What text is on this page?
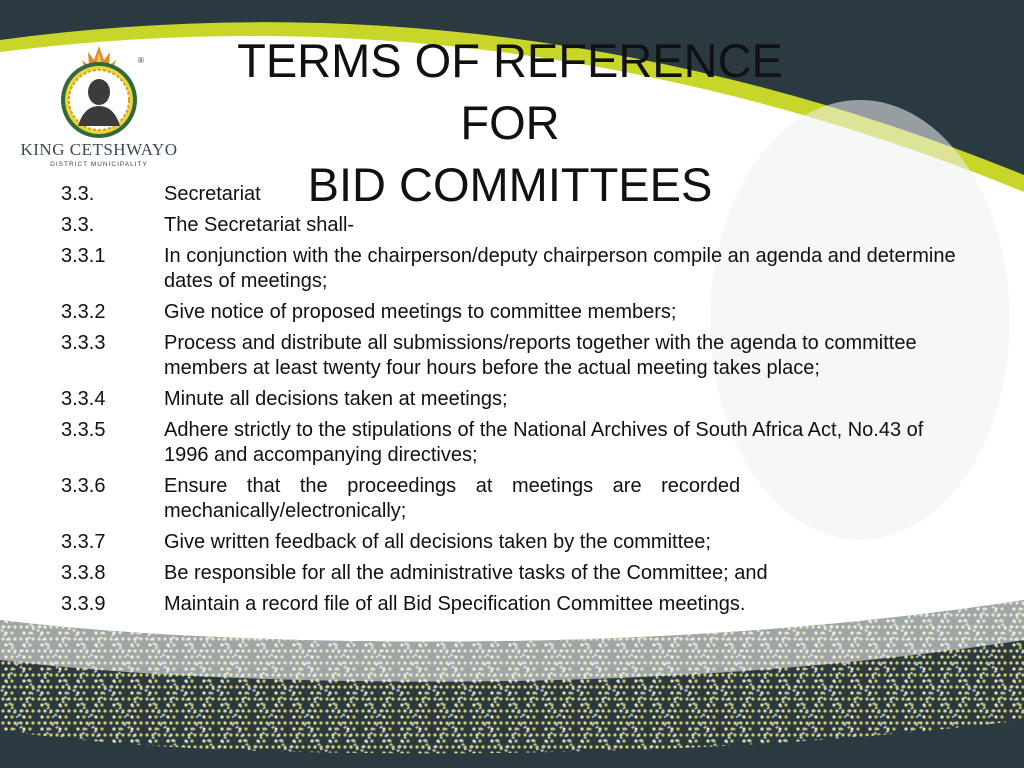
®
KING CETSHWAYO
DISTRICT MUNICIPALITY
TERMS OF REFERENCE FOR
BID COMMITTEES
3.3.	Secretariat
3.3.	The Secretariat shall-
3.3.1	In conjunction with the chairperson/deputy chairperson compile an agenda and determine dates of meetings;
3.3.2	Give notice of proposed meetings to committee members;
3.3.3	Process and distribute all submissions/reports together with the agenda to committee members at least twenty four hours before the actual meeting takes place;
3.3.4	Minute all decisions taken at meetings;
3.3.5	Adhere strictly to the stipulations of the National Archives of South Africa Act, No.43 of 1996 and accompanying directives;
3.3.6	Ensure that the proceedings at meetings are recorded mechanically/electronically;
3.3.7	Give written feedback of all decisions taken by the committee;
3.3.8	Be responsible for all the administrative tasks of the Committee; and
3.3.9	Maintain a record file of all Bid Specification Committee meetings.
